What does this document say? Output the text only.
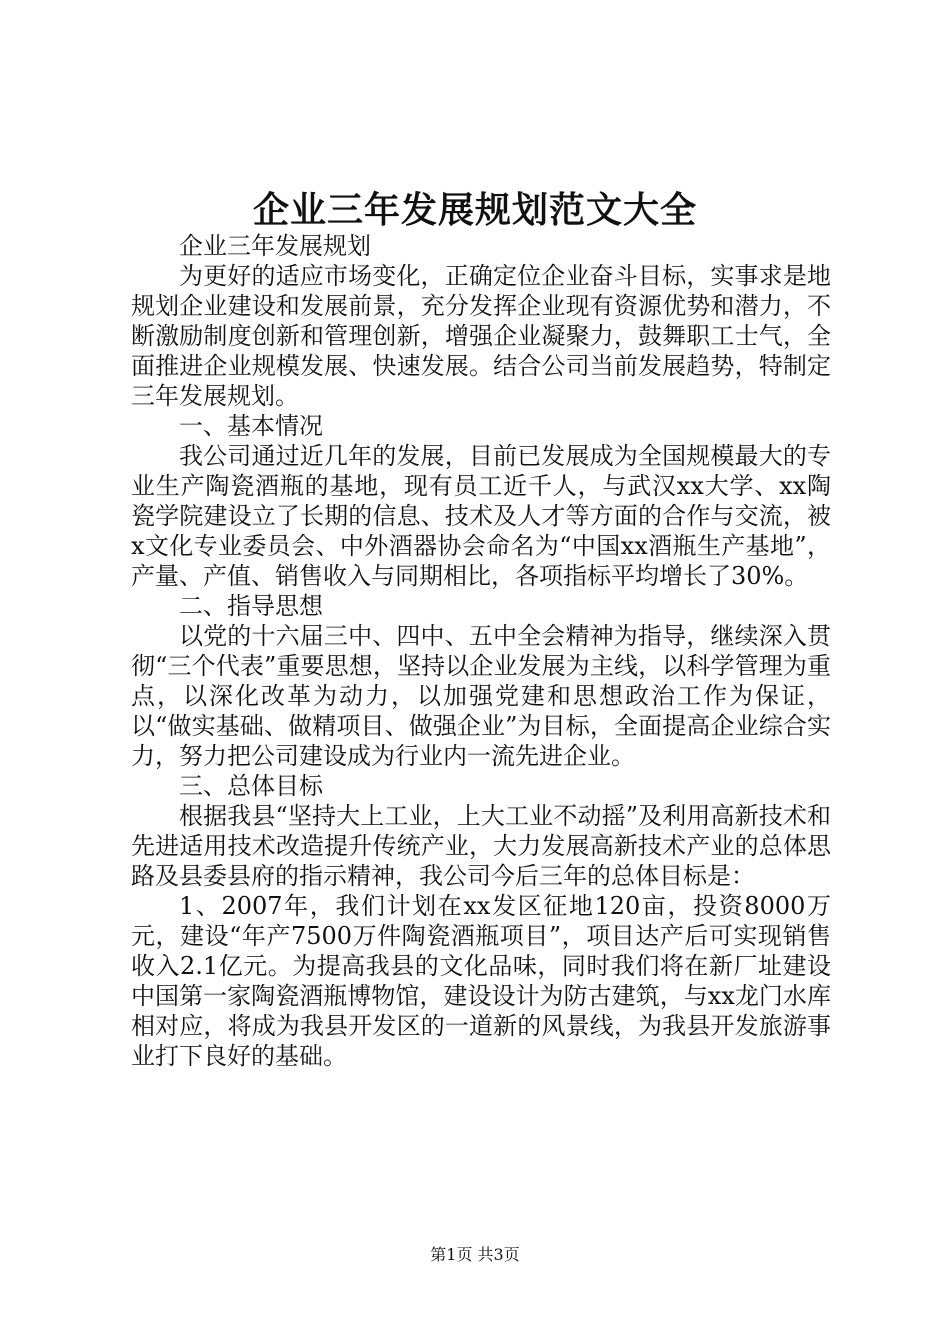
企业三年发展规划范文大全

企业三年发展规划

为更好的适应市场变化，正确定位企业奋斗目标，实事求是地规划企业建设和发展前景，充分发挥企业现有资源优势和潜力，不断激励制度创新和管理创新，增强企业凝聚力，鼓舞职工士气，全面推进企业规模发展、快速发展。结合公司当前发展趋势，特制定三年发展规划。

一、基本情况

我公司通过近几年的发展，目前已发展成为全国规模最大的专业生产陶瓷酒瓶的基地，现有员工近千人，与武汉xx大学、xx陶瓷学院建设立了长期的信息、技术及人才等方面的合作与交流，被x文化专业委员会、中外酒器协会命名为“中国xx酒瓶生产基地”，产量、产值、销售收入与同期相比，各项指标平均增长了30%。

二、指导思想

以党的十六届三中、四中、五中全会精神为指导，继续深入贯彻“三个代表”重要思想，坚持以企业发展为主线，以科学管理为重点，以深化改革为动力，以加强党建和思想政治工作为保证，以“做实基础、做精项目、做强企业”为目标，全面提高企业综合实力，努力把公司建设成为行业内一流先进企业。

三、总体目标

根据我县“坚持大上工业，上大工业不动摇”及利用高新技术和先进适用技术改造提升传统产业，大力发展高新技术产业的总体思路及县委县府的指示精神，我公司今后三年的总体目标是：

1、2007年，我们计划在xx发区征地120亩，投资8000万元，建设“年产7500万件陶瓷酒瓶项目”，项目达产后可实现销售收入2.1亿元。为提高我县的文化品味，同时我们将在新厂址建设中国第一家陶瓷酒瓶博物馆，建设设计为防古建筑，与xx龙门水库相对应，将成为我县开发区的一道新的风景线，为我县开发旅游事业打下良好的基础。

第1页 共3页
